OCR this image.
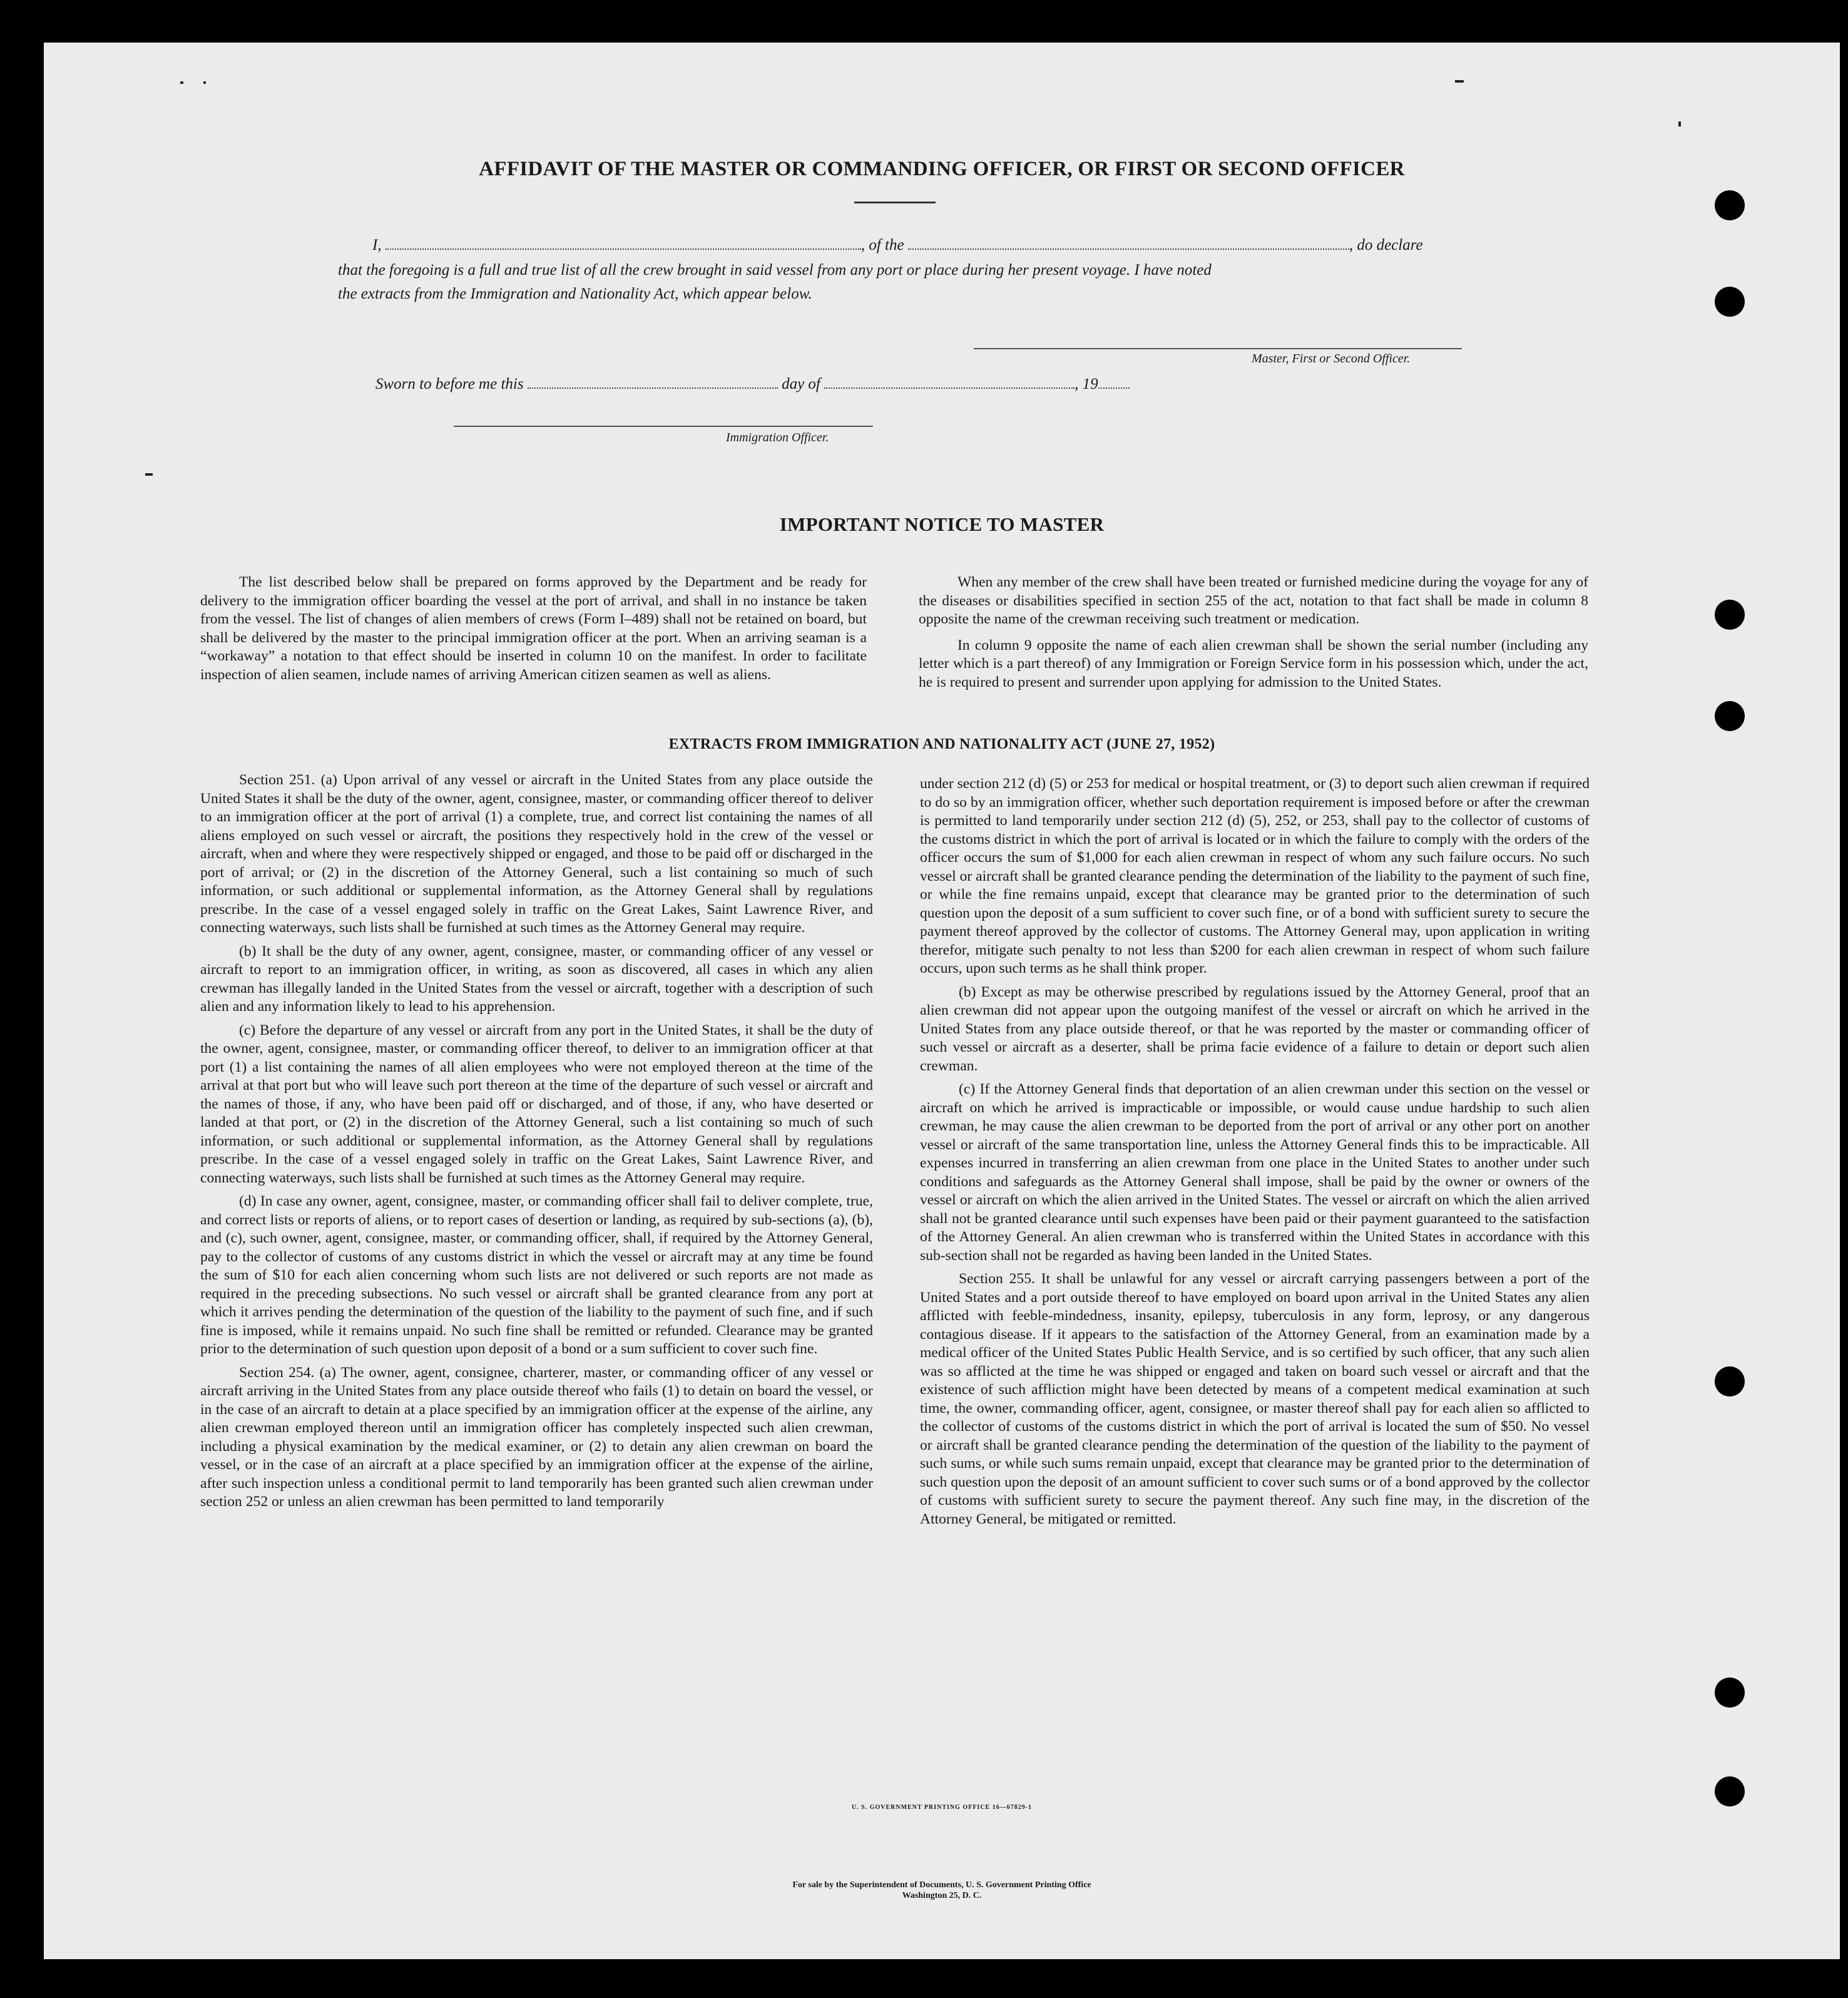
AFFIDAVIT OF THE MASTER OR COMMANDING OFFICER, OR FIRST OR SECOND OFFICER
I,	, of the	, do declare
that the foregoing is a full and true list of all the crew brought in said vessel from any port or place during her present voyage. I have noted
the extracts from the Immigration and Nationality Act, which appear below.
Master, First or Second Officer.
Sworn to before me this	day of	, 19
Immigration Officer.
IMPORTANT NOTICE TO MASTER

The list described below shall be prepared on forms approved by the Department and be ready for delivery to the immigration officer boarding the vessel at the port of arrival, and shall in no instance be taken from the vessel. The list of changes of alien members of crews (Form I–489) shall not be retained on board, but shall be delivered by the master to the principal immigration officer at the port. When an arriving seaman is a “workaway” a notation to that effect should be inserted in column 10 on the manifest. In order to facilitate inspection of alien seamen, include names of arriving American citizen seamen as well as aliens.

When any member of the crew shall have been treated or furnished medicine during the voyage for any of the diseases or disabilities specified in section 255 of the act, notation to that fact shall be made in column 8 opposite the name of the crewman receiving such treatment or medication.

In column 9 opposite the name of each alien crewman shall be shown the serial number (including any letter which is a part thereof) of any Immigration or Foreign Service form in his possession which, under the act, he is required to present and surrender upon applying for admission to the United States.

EXTRACTS FROM IMMIGRATION AND NATIONALITY ACT (JUNE 27, 1952)

Section 251. (a) Upon arrival of any vessel or aircraft in the United States from any place outside the United States it shall be the duty of the owner, agent, consignee, master, or commanding officer thereof to deliver to an immigration officer at the port of arrival (1) a complete, true, and correct list containing the names of all aliens employed on such vessel or aircraft, the positions they respectively hold in the crew of the vessel or aircraft, when and where they were respectively shipped or engaged, and those to be paid off or discharged in the port of arrival; or (2) in the discretion of the Attorney General, such a list containing so much of such information, or such additional or supplemental information, as the Attorney General shall by regulations prescribe. In the case of a vessel engaged solely in traffic on the Great Lakes, Saint Lawrence River, and connecting waterways, such lists shall be furnished at such times as the Attorney General may require.

(b) It shall be the duty of any owner, agent, consignee, master, or commanding officer of any vessel or aircraft to report to an immigration officer, in writing, as soon as discovered, all cases in which any alien crewman has illegally landed in the United States from the vessel or aircraft, together with a description of such alien and any information likely to lead to his apprehension.

(c) Before the departure of any vessel or aircraft from any port in the United States, it shall be the duty of the owner, agent, consignee, master, or commanding officer thereof, to deliver to an immigration officer at that port (1) a list containing the names of all alien employees who were not employed thereon at the time of the arrival at that port but who will leave such port thereon at the time of the departure of such vessel or aircraft and the names of those, if any, who have been paid off or discharged, and of those, if any, who have deserted or landed at that port, or (2) in the discretion of the Attorney General, such a list containing so much of such information, or such additional or supplemental information, as the Attorney General shall by regulations prescribe. In the case of a vessel engaged solely in traffic on the Great Lakes, Saint Lawrence River, and connecting waterways, such lists shall be furnished at such times as the Attorney General may require.

(d) In case any owner, agent, consignee, master, or commanding officer shall fail to deliver complete, true, and correct lists or reports of aliens, or to report cases of desertion or landing, as required by sub-sections (a), (b), and (c), such owner, agent, consignee, master, or commanding officer, shall, if required by the Attorney General, pay to the collector of customs of any customs district in which the vessel or aircraft may at any time be found the sum of $10 for each alien concerning whom such lists are not delivered or such reports are not made as required in the preceding subsections. No such vessel or aircraft shall be granted clearance from any port at which it arrives pending the determination of the question of the liability to the payment of such fine, and if such fine is imposed, while it remains unpaid. No such fine shall be remitted or refunded. Clearance may be granted prior to the determination of such question upon deposit of a bond or a sum sufficient to cover such fine.

Section 254. (a) The owner, agent, consignee, charterer, master, or commanding officer of any vessel or aircraft arriving in the United States from any place outside thereof who fails (1) to detain on board the vessel, or in the case of an aircraft to detain at a place specified by an immigration officer at the expense of the airline, any alien crewman employed thereon until an immigration officer has completely inspected such alien crewman, including a physical examination by the medical examiner, or (2) to detain any alien crewman on board the vessel, or in the case of an aircraft at a place specified by an immigration officer at the expense of the airline, after such inspection unless a conditional permit to land temporarily has been granted such alien crewman under section 252 or unless an alien crewman has been permitted to land temporarily

under section 212 (d) (5) or 253 for medical or hospital treatment, or (3) to deport such alien crewman if required to do so by an immigration officer, whether such deportation requirement is imposed before or after the crewman is permitted to land temporarily under section 212 (d) (5), 252, or 253, shall pay to the collector of customs of the customs district in which the port of arrival is located or in which the failure to comply with the orders of the officer occurs the sum of $1,000 for each alien crewman in respect of whom any such failure occurs. No such vessel or aircraft shall be granted clearance pending the determination of the liability to the payment of such fine, or while the fine remains unpaid, except that clearance may be granted prior to the determination of such question upon the deposit of a sum sufficient to cover such fine, or of a bond with sufficient surety to secure the payment thereof approved by the collector of customs. The Attorney General may, upon application in writing therefor, mitigate such penalty to not less than $200 for each alien crewman in respect of whom such failure occurs, upon such terms as he shall think proper.

(b) Except as may be otherwise prescribed by regulations issued by the Attorney General, proof that an alien crewman did not appear upon the outgoing manifest of the vessel or aircraft on which he arrived in the United States from any place outside thereof, or that he was reported by the master or commanding officer of such vessel or aircraft as a deserter, shall be prima facie evidence of a failure to detain or deport such alien crewman.

(c) If the Attorney General finds that deportation of an alien crewman under this section on the vessel or aircraft on which he arrived is impracticable or impossible, or would cause undue hardship to such alien crewman, he may cause the alien crewman to be deported from the port of arrival or any other port on another vessel or aircraft of the same transportation line, unless the Attorney General finds this to be impracticable. All expenses incurred in transferring an alien crewman from one place in the United States to another under such conditions and safeguards as the Attorney General shall impose, shall be paid by the owner or owners of the vessel or aircraft on which the alien arrived in the United States. The vessel or aircraft on which the alien arrived shall not be granted clearance until such expenses have been paid or their payment guaranteed to the satisfaction of the Attorney General. An alien crewman who is transferred within the United States in accordance with this sub-section shall not be regarded as having been landed in the United States.

Section 255. It shall be unlawful for any vessel or aircraft carrying passengers between a port of the United States and a port outside thereof to have employed on board upon arrival in the United States any alien afflicted with feeble-mindedness, insanity, epilepsy, tuberculosis in any form, leprosy, or any dangerous contagious disease. If it appears to the satisfaction of the Attorney General, from an examination made by a medical officer of the United States Public Health Service, and is so certified by such officer, that any such alien was so afflicted at the time he was shipped or engaged and taken on board such vessel or aircraft and that the existence of such affliction might have been detected by means of a competent medical examination at such time, the owner, commanding officer, agent, consignee, or master thereof shall pay for each alien so afflicted to the collector of customs of the customs district in which the port of arrival is located the sum of $50. No vessel or aircraft shall be granted clearance pending the determination of the question of the liability to the payment of such sums, or while such sums remain unpaid, except that clearance may be granted prior to the determination of such question upon the deposit of an amount sufficient to cover such sums or of a bond approved by the collector of customs with sufficient surety to secure the payment thereof. Any such fine may, in the discretion of the Attorney General, be mitigated or remitted.

U. S. GOVERNMENT PRINTING OFFICE 16—67829-1
For sale by the Superintendent of Documents, U. S. Government Printing Office
Washington 25, D. C.
